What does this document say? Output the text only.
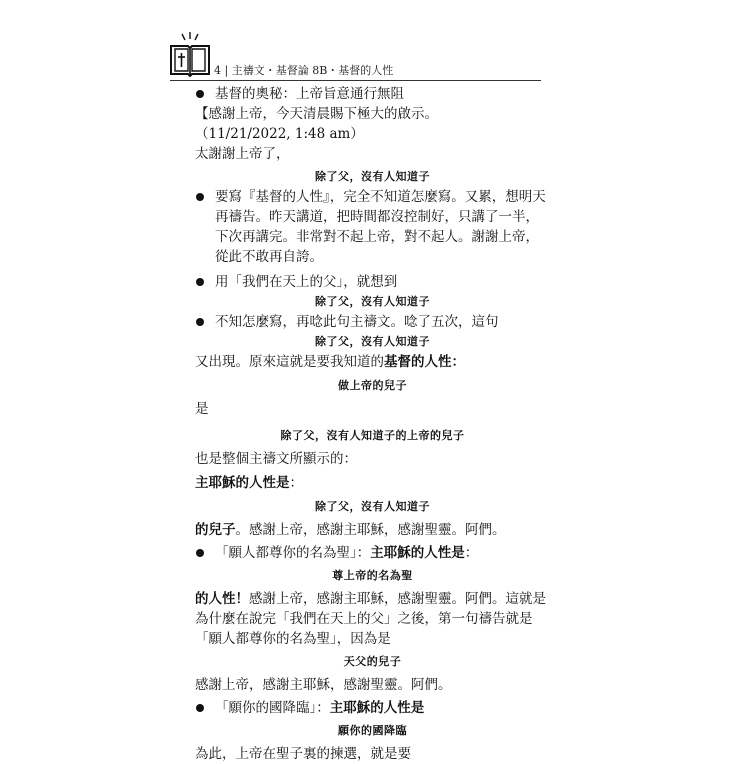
4 | 主禱文・基督論 8B・基督的人性
基督的奧秘：上帝旨意通行無阻
【感謝上帝，今天清晨賜下極大的啟示。
（11/21/2022, 1:48 am）
太謝謝上帝了，
除了父，沒有人知道子
要寫『基督的人性』，完全不知道怎麼寫。又累，想明天再禱告。昨天講道，把時間都沒控制好，只講了一半，下次再講完。非常對不起上帝，對不起人。謝謝上帝，從此不敢再自誇。
用「我們在天上的父」，就想到
除了父，沒有人知道子
不知怎麼寫，再唸此句主禱文。唸了五次，這句
除了父，沒有人知道子
又出現。原來這就是要我知道的基督的人性：
做上帝的兒子
是
除了父，沒有人知道子的上帝的兒子
也是整個主禱文所顯示的：
主耶穌的人性是：
除了父，沒有人知道子
的兒子。感謝上帝，感謝主耶穌，感謝聖靈。阿們。
「願人都尊你的名為聖」：主耶穌的人性是：
尊上帝的名為聖
的人性！感謝上帝，感謝主耶穌，感謝聖靈。阿們。這就是為什麼在說完「我們在天上的父」之後，第一句禱告就是「願人都尊你的名為聖」，因為是
天父的兒子
感謝上帝，感謝主耶穌，感謝聖靈。阿們。
「願你的國降臨」：主耶穌的人性是
願你的國降臨
為此，上帝在聖子裏的揀選，就是要
